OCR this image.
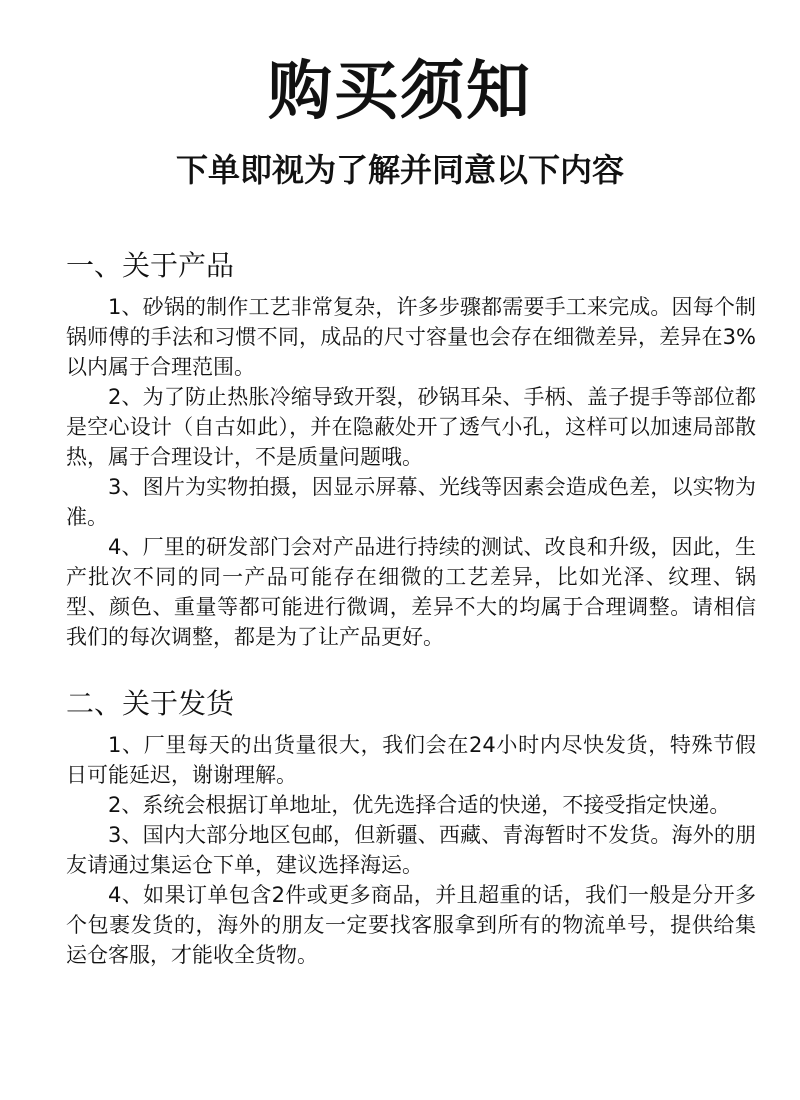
购买须知
下单即视为了解并同意以下内容
一、关于产品

1、砂锅的制作工艺非常复杂，许多步骤都需要手工来完成。因每个制锅师傅的手法和习惯不同，成品的尺寸容量也会存在细微差异，差异在3%以内属于合理范围。

2、为了防止热胀冷缩导致开裂，砂锅耳朵、手柄、盖子提手等部位都是空心设计（自古如此），并在隐蔽处开了透气小孔，这样可以加速局部散热，属于合理设计，不是质量问题哦。

3、图片为实物拍摄，因显示屏幕、光线等因素会造成色差，以实物为准。

4、厂里的研发部门会对产品进行持续的测试、改良和升级，因此，生产批次不同的同一产品可能存在细微的工艺差异，比如光泽、纹理、锅型、颜色、重量等都可能进行微调，差异不大的均属于合理调整。请相信我们的每次调整，都是为了让产品更好。

二、关于发货

1、厂里每天的出货量很大，我们会在24小时内尽快发货，特殊节假日可能延迟，谢谢理解。

2、系统会根据订单地址，优先选择合适的快递，不接受指定快递。

3、国内大部分地区包邮，但新疆、西藏、青海暂时不发货。海外的朋友请通过集运仓下单，建议选择海运。

4、如果订单包含2件或更多商品，并且超重的话，我们一般是分开多个包裹发货的，海外的朋友一定要找客服拿到所有的物流单号，提供给集运仓客服，才能收全货物。
